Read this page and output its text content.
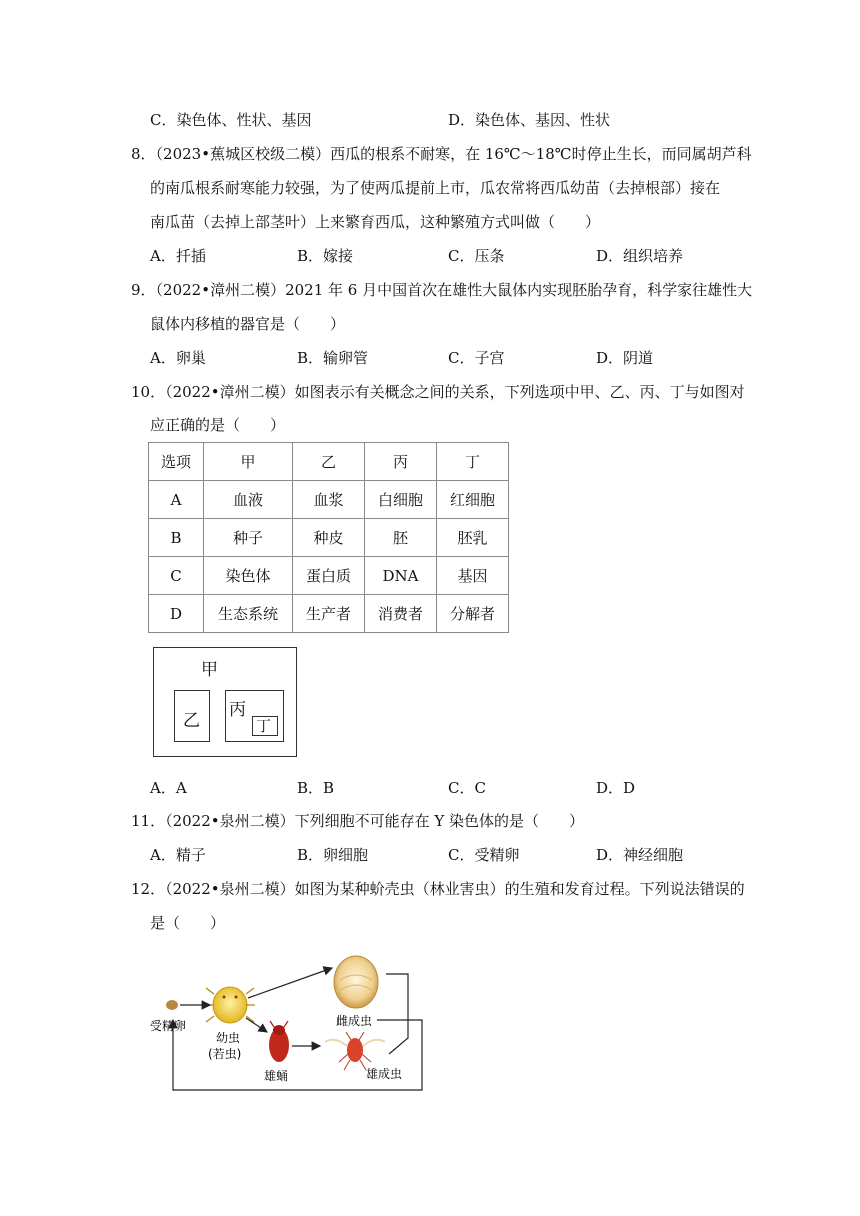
C．染色体、性状、基因	D．染色体、基因、性状
8．（2023•蕉城区校级二模）西瓜的根系不耐寒，在 16℃～18℃时停止生长，而同属胡芦科
的南瓜根系耐寒能力较强，为了使两瓜提前上市，瓜农常将西瓜幼苗（去掉根部）接在
南瓜苗（去掉上部茎叶）上来繁育西瓜，这种繁殖方式叫做（　　）
A．扦插	B．嫁接	C．压条	D．组织培养
9．（2022•漳州二模）2021 年 6 月中国首次在雄性大鼠体内实现胚胎孕育，科学家往雄性大
鼠体内移植的器官是（　　）
A．卵巢	B．输卵管	C．子宫	D．阴道
10．（2022•漳州二模）如图表示有关概念之间的关系，下列选项中甲、乙、丙、丁与如图对
应正确的是（　　）
选项	甲	乙	丙	丁
A	血液	血浆	白细胞	红细胞
B	种子	种皮	胚	胚乳
C	染色体	蛋白质	DNA	基因
D	生态系统	生产者	消费者	分解者
甲
乙
丙
丁
A．A	B．B	C．C	D．D
11．（2022•泉州二模）下列细胞不可能存在 Y 染色体的是（　　）
A．精子	B．卵细胞	C．受精卵	D．神经细胞
12．（2022•泉州二模）如图为某种蚧壳虫（林业害虫）的生殖和发育过程。下列说法错误的
是（　　）
受精卵
幼虫
(若虫)
雄蛹
雌成虫
雄成虫
